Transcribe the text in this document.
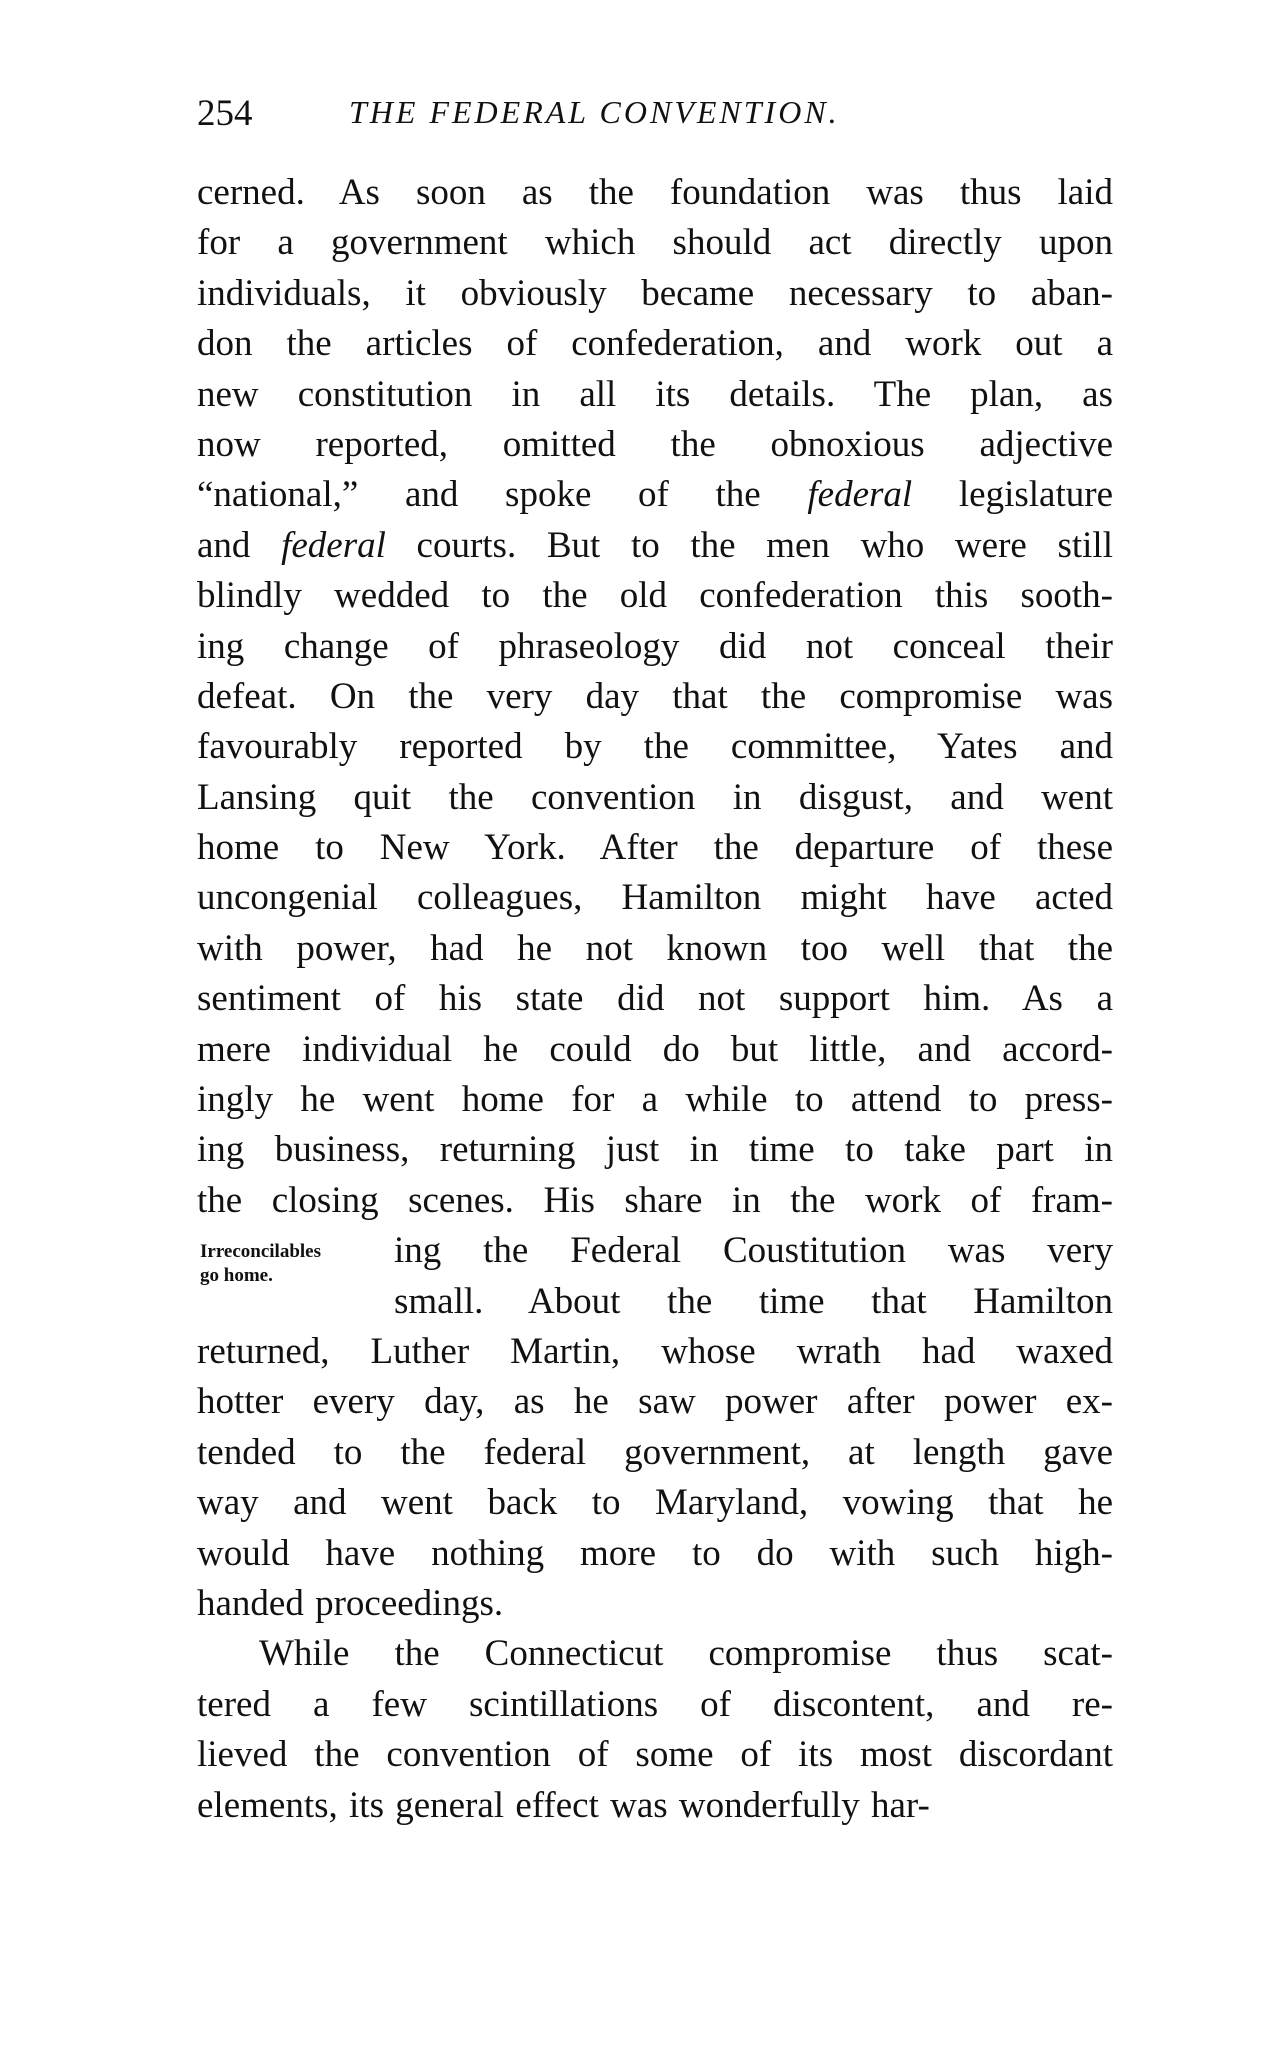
254	THE FEDERAL CONVENTION.
cerned. As soon as the foundation was thus laid
for a government which should act directly upon
individuals, it obviously became necessary to aban-
don the articles of confederation, and work out a
new constitution in all its details. The plan, as
now reported, omitted the obnoxious adjective
“national,” and spoke of the federal legislature
and federal courts. But to the men who were still
blindly wedded to the old confederation this sooth-
ing change of phraseology did not conceal their
defeat. On the very day that the compromise was
favourably reported by the committee, Yates and
Lansing quit the convention in disgust, and went
home to New York. After the departure of these
uncongenial colleagues, Hamilton might have acted
with power, had he not known too well that the
sentiment of his state did not support him. As a
mere individual he could do but little, and accord-
ingly he went home for a while to attend to press-
ing business, returning just in time to take part in
the closing scenes. His share in the work of fram-
ing the Federal Coustitution was very
small. About the time that Hamilton
returned, Luther Martin, whose wrath had waxed
hotter every day, as he saw power after power ex-
tended to the federal government, at length gave
way and went back to Maryland, vowing that he
would have nothing more to do with such high-
handed proceedings.
While the Connecticut compromise thus scat-
tered a few scintillations of discontent, and re-
lieved the convention of some of its most discordant
elements, its general effect was wonderfully har-
Irreconcilables
go home.
